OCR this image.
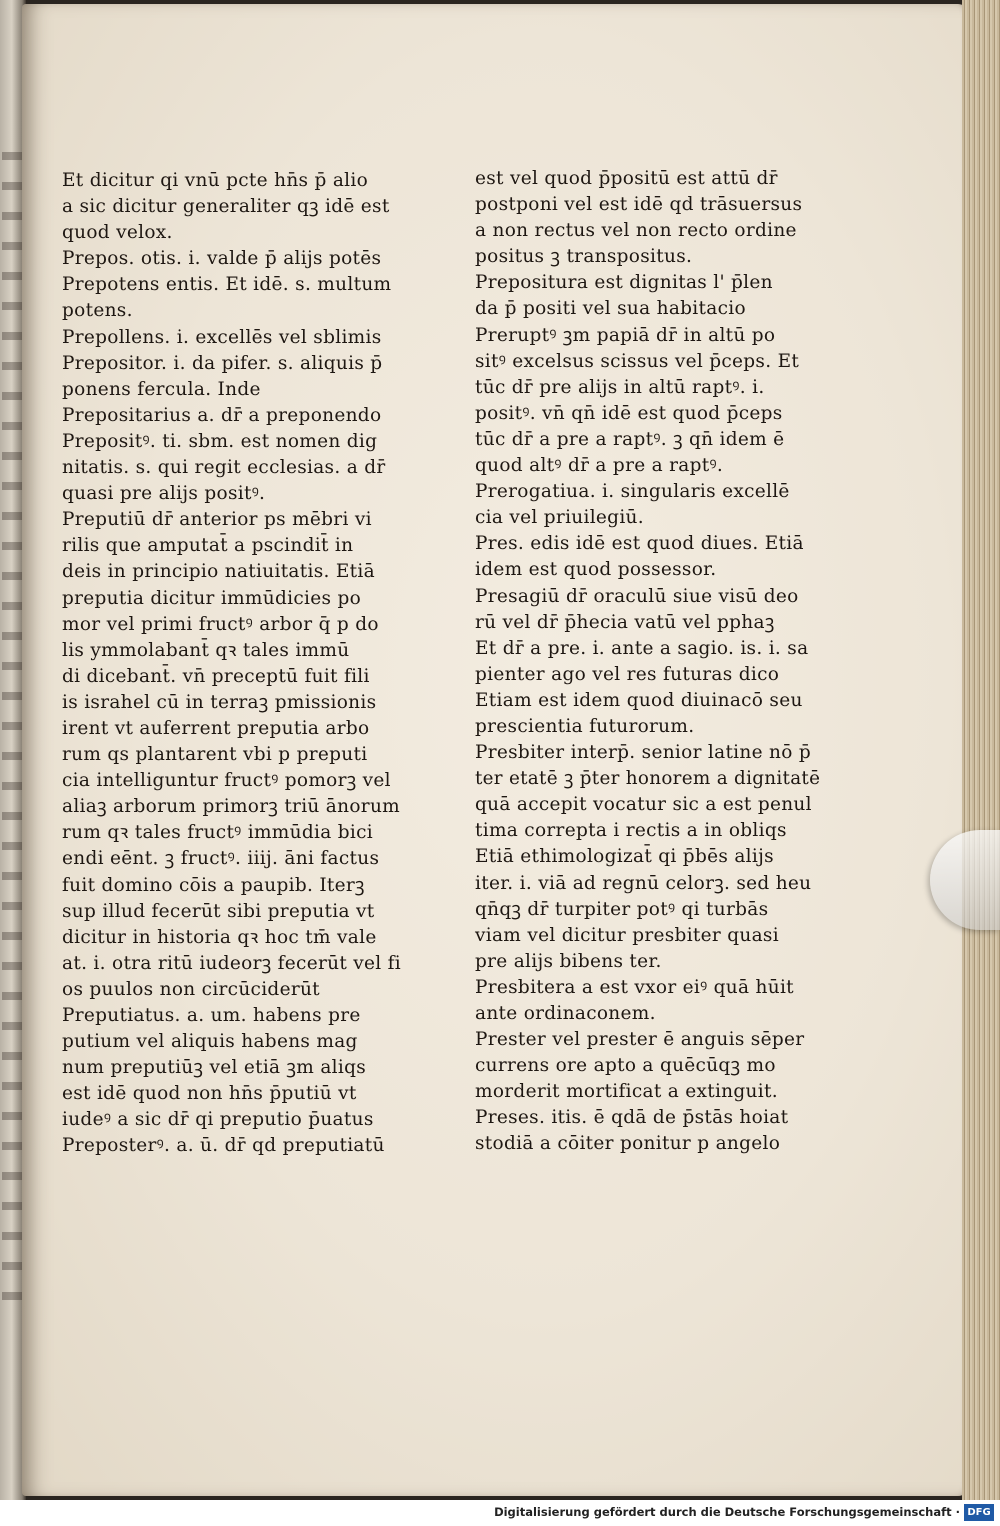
Et dicitur qi vnū pcte hn̄s p̄ alio
a sic dicitur generaliter qꝫ idē est
quod velox.
Prepos. otis. i. valde p̄ alijs potēs
Prepotens entis. Et idē. s. multum
potens.
Prepollens. i. excellēs vel sblimis
Prepositor. i. da pifer. s. aliquis p̄
ponens fercula. Inde
Prepositarius a. dr̄ a preponendo
Prepositꝰ. ti. sbm. est nomen dig
nitatis. s. qui regit ecclesias. a dr̄
quasi pre alijs positꝰ.
Preputiū dr̄ anterior ps mēbri vi
rilis que amputat̄ a pscindit̄ in
deis in principio natiuitatis. Etiā
preputia dicitur immūdicies po
mor vel primi fructꝰ arbor q̄ p do
lis ymmolabant̄ qꝛ tales immū
di dicebant̄. vn̄ preceptū fuit fili
is israhel cū in terraꝫ pmissionis
irent vt auferrent preputia arbo
rum qs plantarent vbi p preputi
cia intelliguntur fructꝰ pomorꝫ vel
aliaꝫ arborum primorꝫ triū ānorum
rum qꝛ tales fructꝰ immūdia bici
endi eēnt. ꝫ fructꝰ. iiij. āni factus
fuit domino cōis a paupib. Iterꝫ
sup illud fecerūt sibi preputia vt
dicitur in historia qꝛ hoc tm̄ vale
at. i. otra ritū iudeorꝫ fecerūt vel fi
os puulos non circūciderūt
Preputiatus. a. um. habens pre
putium vel aliquis habens mag
num preputiūꝫ vel etiā ꝫm aliqs
est idē quod non hn̄s p̄putiū vt
iudeꝰ a sic dr̄ qi preputio p̄uatus
Preposterꝰ. a. ū. dr̄ qd preputiatū
est vel quod p̄positū est attū dr̄
postponi vel est idē qd trāsuersus
a non rectus vel non recto ordine
positus ꝫ transpositus.
Prepositura est dignitas l' p̄len
da p̄ positi vel sua habitacio
Preruptꝰ ꝫm papiā dr̄ in altū po
sitꝰ excelsus scissus vel p̄ceps. Et
tūc dr̄ pre alijs in altū raptꝰ. i.
positꝰ. vn̄ qn̄ idē est quod p̄ceps
tūc dr̄ a pre a raptꝰ. ꝫ qn̄ idem ē
quod altꝰ dr̄ a pre a raptꝰ.
Prerogatiua. i. singularis excellē
cia vel priuilegiū.
Pres. edis idē est quod diues. Etiā
idem est quod possessor.
Presagiū dr̄ oraculū siue visū deo
rū vel dr̄ p̄hecia vatū vel pphaꝫ
Et dr̄ a pre. i. ante a sagio. is. i. sa
pienter ago vel res futuras dico
Etiam est idem quod diuinacō seu
prescientia futurorum.
Presbiter interp̄. senior latine nō p̄
ter etatē ꝫ p̄ter honorem a dignitatē
quā accepit vocatur sic a est penul
tima correpta i rectis a in obliqs
Etiā ethimologizat̄ qi p̄bēs alijs
iter. i. viā ad regnū celorꝫ. sed heu
qn̄qꝫ dr̄ turpiter potꝰ qi turbās
viam vel dicitur presbiter quasi
pre alijs bibens ter.
Presbitera a est vxor eiꝰ quā hūit
ante ordinaconem.
Prester vel prester ē anguis sēper
currens ore apto a quēcūqꝫ mo
morderit mortificat a extinguit.
Preses. itis. ē qdā de p̄stās hoiat
stodiā a cōiter ponitur p angelo
Digitalisierung gefördert durch die Deutsche Forschungsgemeinschaft · DFG
